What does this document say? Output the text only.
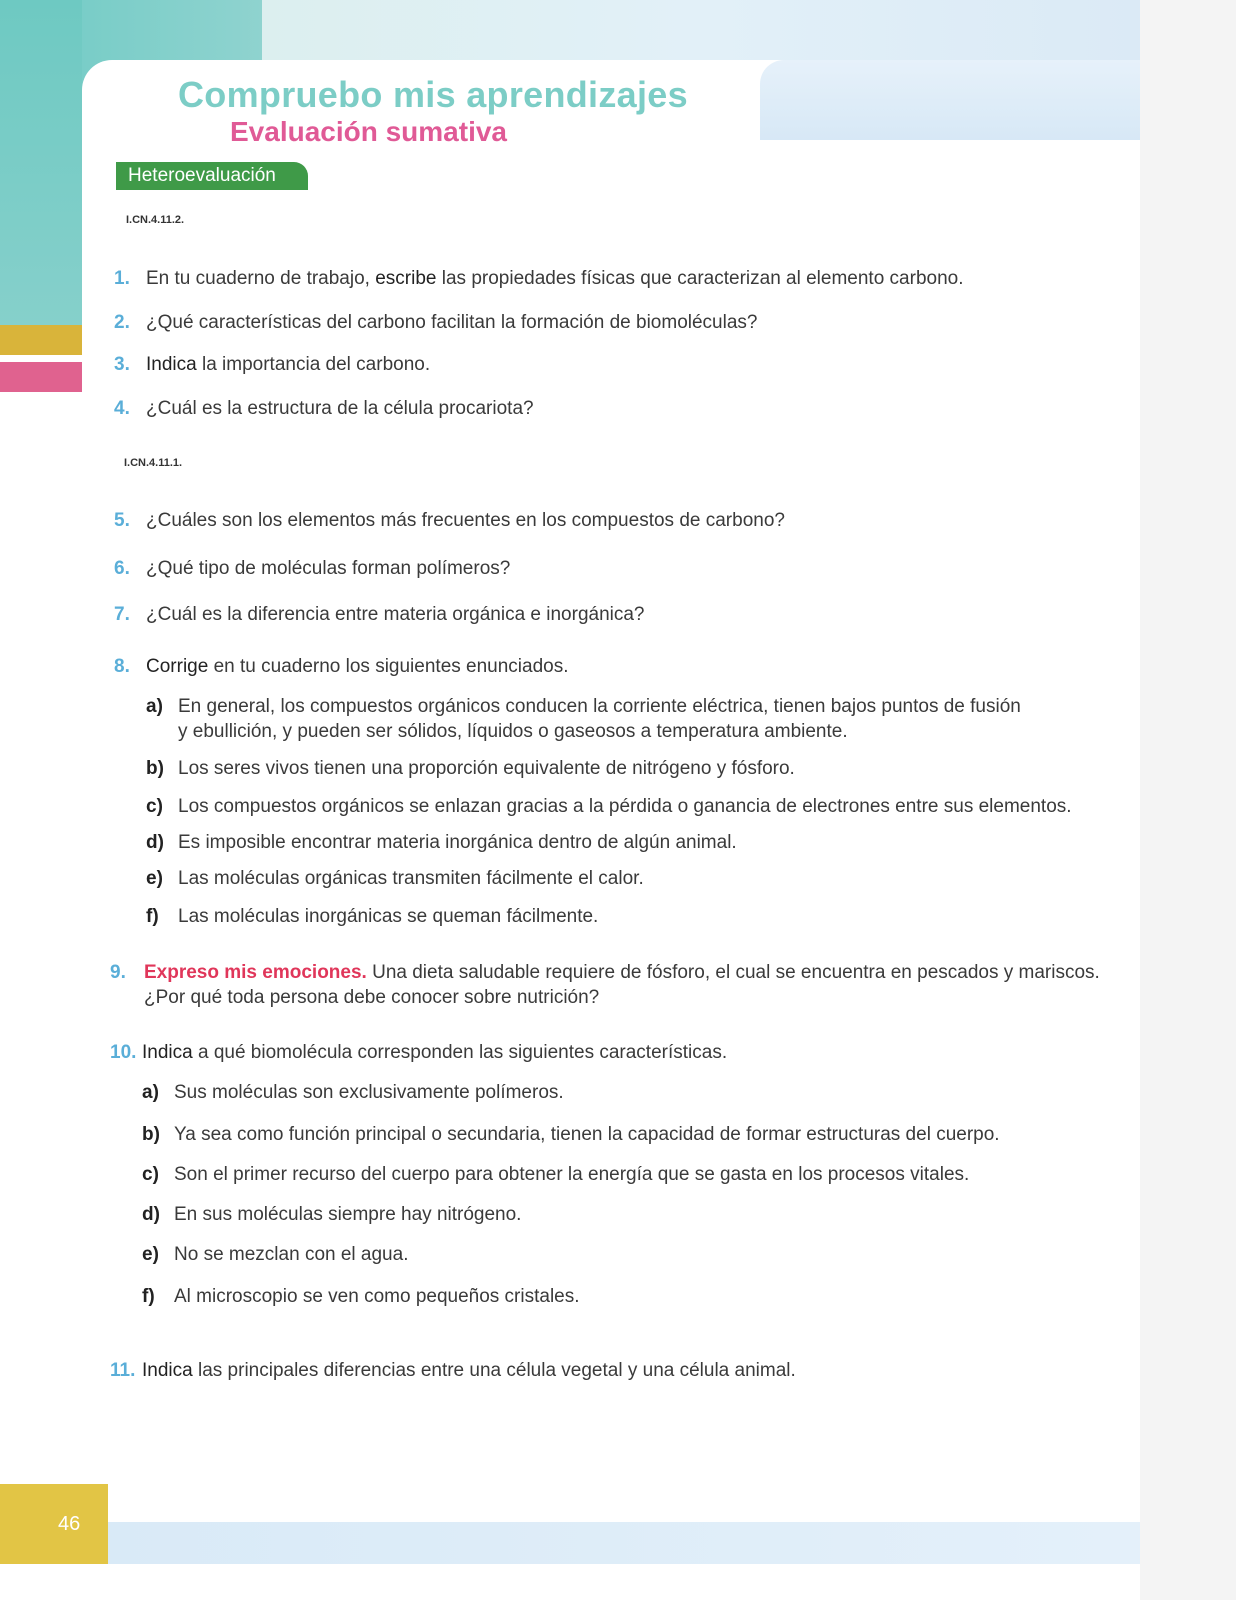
46
Compruebo mis aprendizajes
Evaluación sumativa
Heteroevaluación
I.CN.4.11.2.
1. En tu cuaderno de trabajo, escribe las propiedades físicas que caracterizan al elemento carbono.
2. ¿Qué características del carbono facilitan la formación de biomoléculas?
3. Indica la importancia del carbono.
4. ¿Cuál es la estructura de la célula procariota?
I.CN.4.11.1.
5. ¿Cuáles son los elementos más frecuentes en los compuestos de carbono?
6. ¿Qué tipo de moléculas forman polímeros?
7. ¿Cuál es la diferencia entre materia orgánica e inorgánica?
8. Corrige en tu cuaderno los siguientes enunciados.
a) En general, los compuestos orgánicos conducen la corriente eléctrica, tienen bajos puntos de fusión
y ebullición, y pueden ser sólidos, líquidos o gaseosos a temperatura ambiente.
b) Los seres vivos tienen una proporción equivalente de nitrógeno y fósforo.
c) Los compuestos orgánicos se enlazan gracias a la pérdida o ganancia de electrones entre sus elementos.
d) Es imposible encontrar materia inorgánica dentro de algún animal.
e) Las moléculas orgánicas transmiten fácilmente el calor.
f) Las moléculas inorgánicas se queman fácilmente.
9. Expreso mis emociones. Una dieta saludable requiere de fósforo, el cual se encuentra en pescados y mariscos.
¿Por qué toda persona debe conocer sobre nutrición?
10. Indica a qué biomolécula corresponden las siguientes características.
a) Sus moléculas son exclusivamente polímeros.
b) Ya sea como función principal o secundaria, tienen la capacidad de formar estructuras del cuerpo.
c) Son el primer recurso del cuerpo para obtener la energía que se gasta en los procesos vitales.
d) En sus moléculas siempre hay nitrógeno.
e) No se mezclan con el agua.
f) Al microscopio se ven como pequeños cristales.
11. Indica las principales diferencias entre una célula vegetal y una célula animal.
